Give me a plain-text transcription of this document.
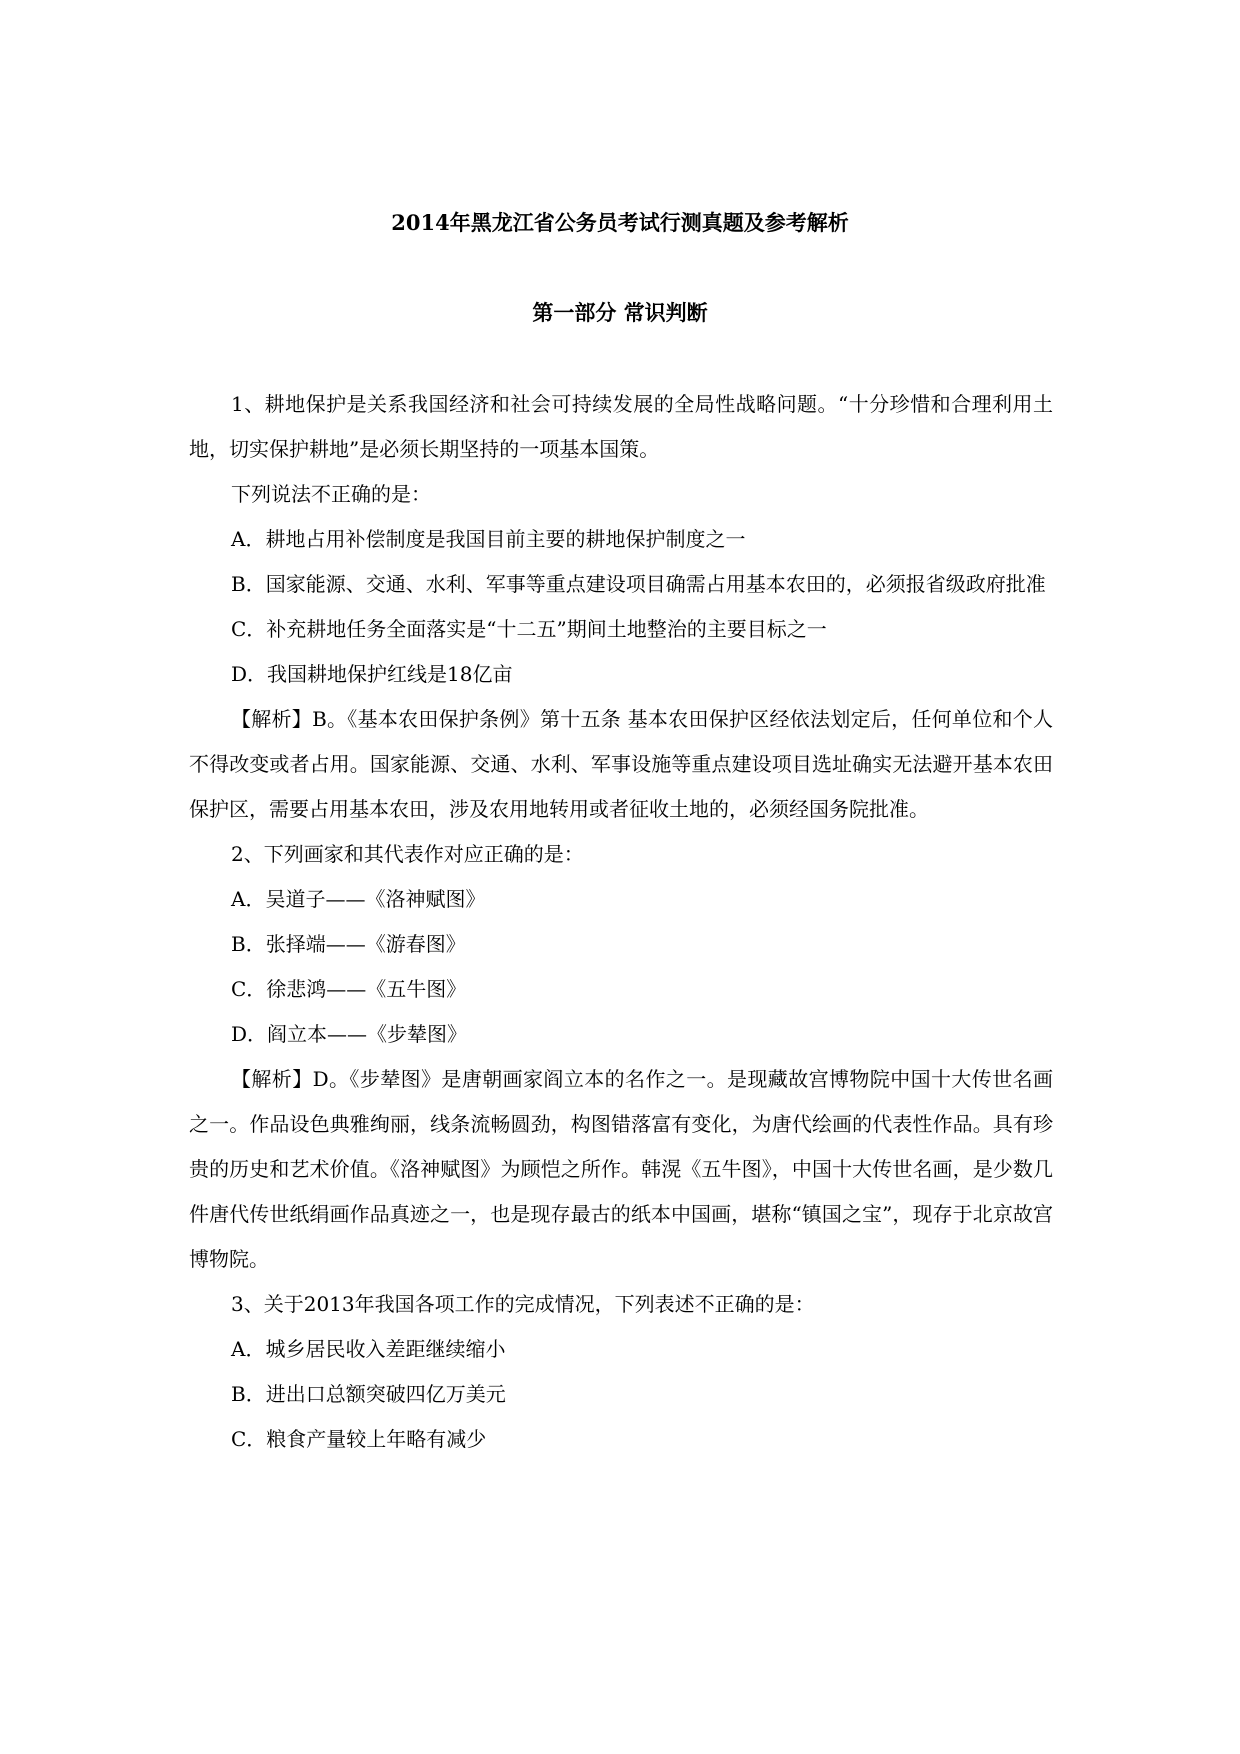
2014年黑龙江省公务员考试行测真题及参考解析
第一部分 常识判断

1、耕地保护是关系我国经济和社会可持续发展的全局性战略问题。“十分珍惜和合理利用土地，切实保护耕地”是必须长期坚持的一项基本国策。

下列说法不正确的是：

A．耕地占用补偿制度是我国目前主要的耕地保护制度之一

B．国家能源、交通、水利、军事等重点建设项目确需占用基本农田的，必须报省级政府批准

C．补充耕地任务全面落实是“十二五”期间土地整治的主要目标之一

D．我国耕地保护红线是18亿亩

【解析】B。《基本农田保护条例》第十五条 基本农田保护区经依法划定后，任何单位和个人不得改变或者占用。国家能源、交通、水利、军事设施等重点建设项目选址确实无法避开基本农田保护区，需要占用基本农田，涉及农用地转用或者征收土地的，必须经国务院批准。

2、下列画家和其代表作对应正确的是：

A．吴道子——《洛神赋图》

B．张择端——《游春图》

C．徐悲鸿——《五牛图》

D．阎立本——《步辇图》

【解析】D。《步辇图》是唐朝画家阎立本的名作之一。是现藏故宫博物院中国十大传世名画之一。作品设色典雅绚丽，线条流畅圆劲，构图错落富有变化，为唐代绘画的代表性作品。具有珍贵的历史和艺术价值。《洛神赋图》为顾恺之所作。韩滉《五牛图》，中国十大传世名画，是少数几件唐代传世纸绢画作品真迹之一，也是现存最古的纸本中国画，堪称“镇国之宝”，现存于北京故宫博物院。

3、关于2013年我国各项工作的完成情况，下列表述不正确的是：

A．城乡居民收入差距继续缩小

B．进出口总额突破四亿万美元

C．粮食产量较上年略有减少
